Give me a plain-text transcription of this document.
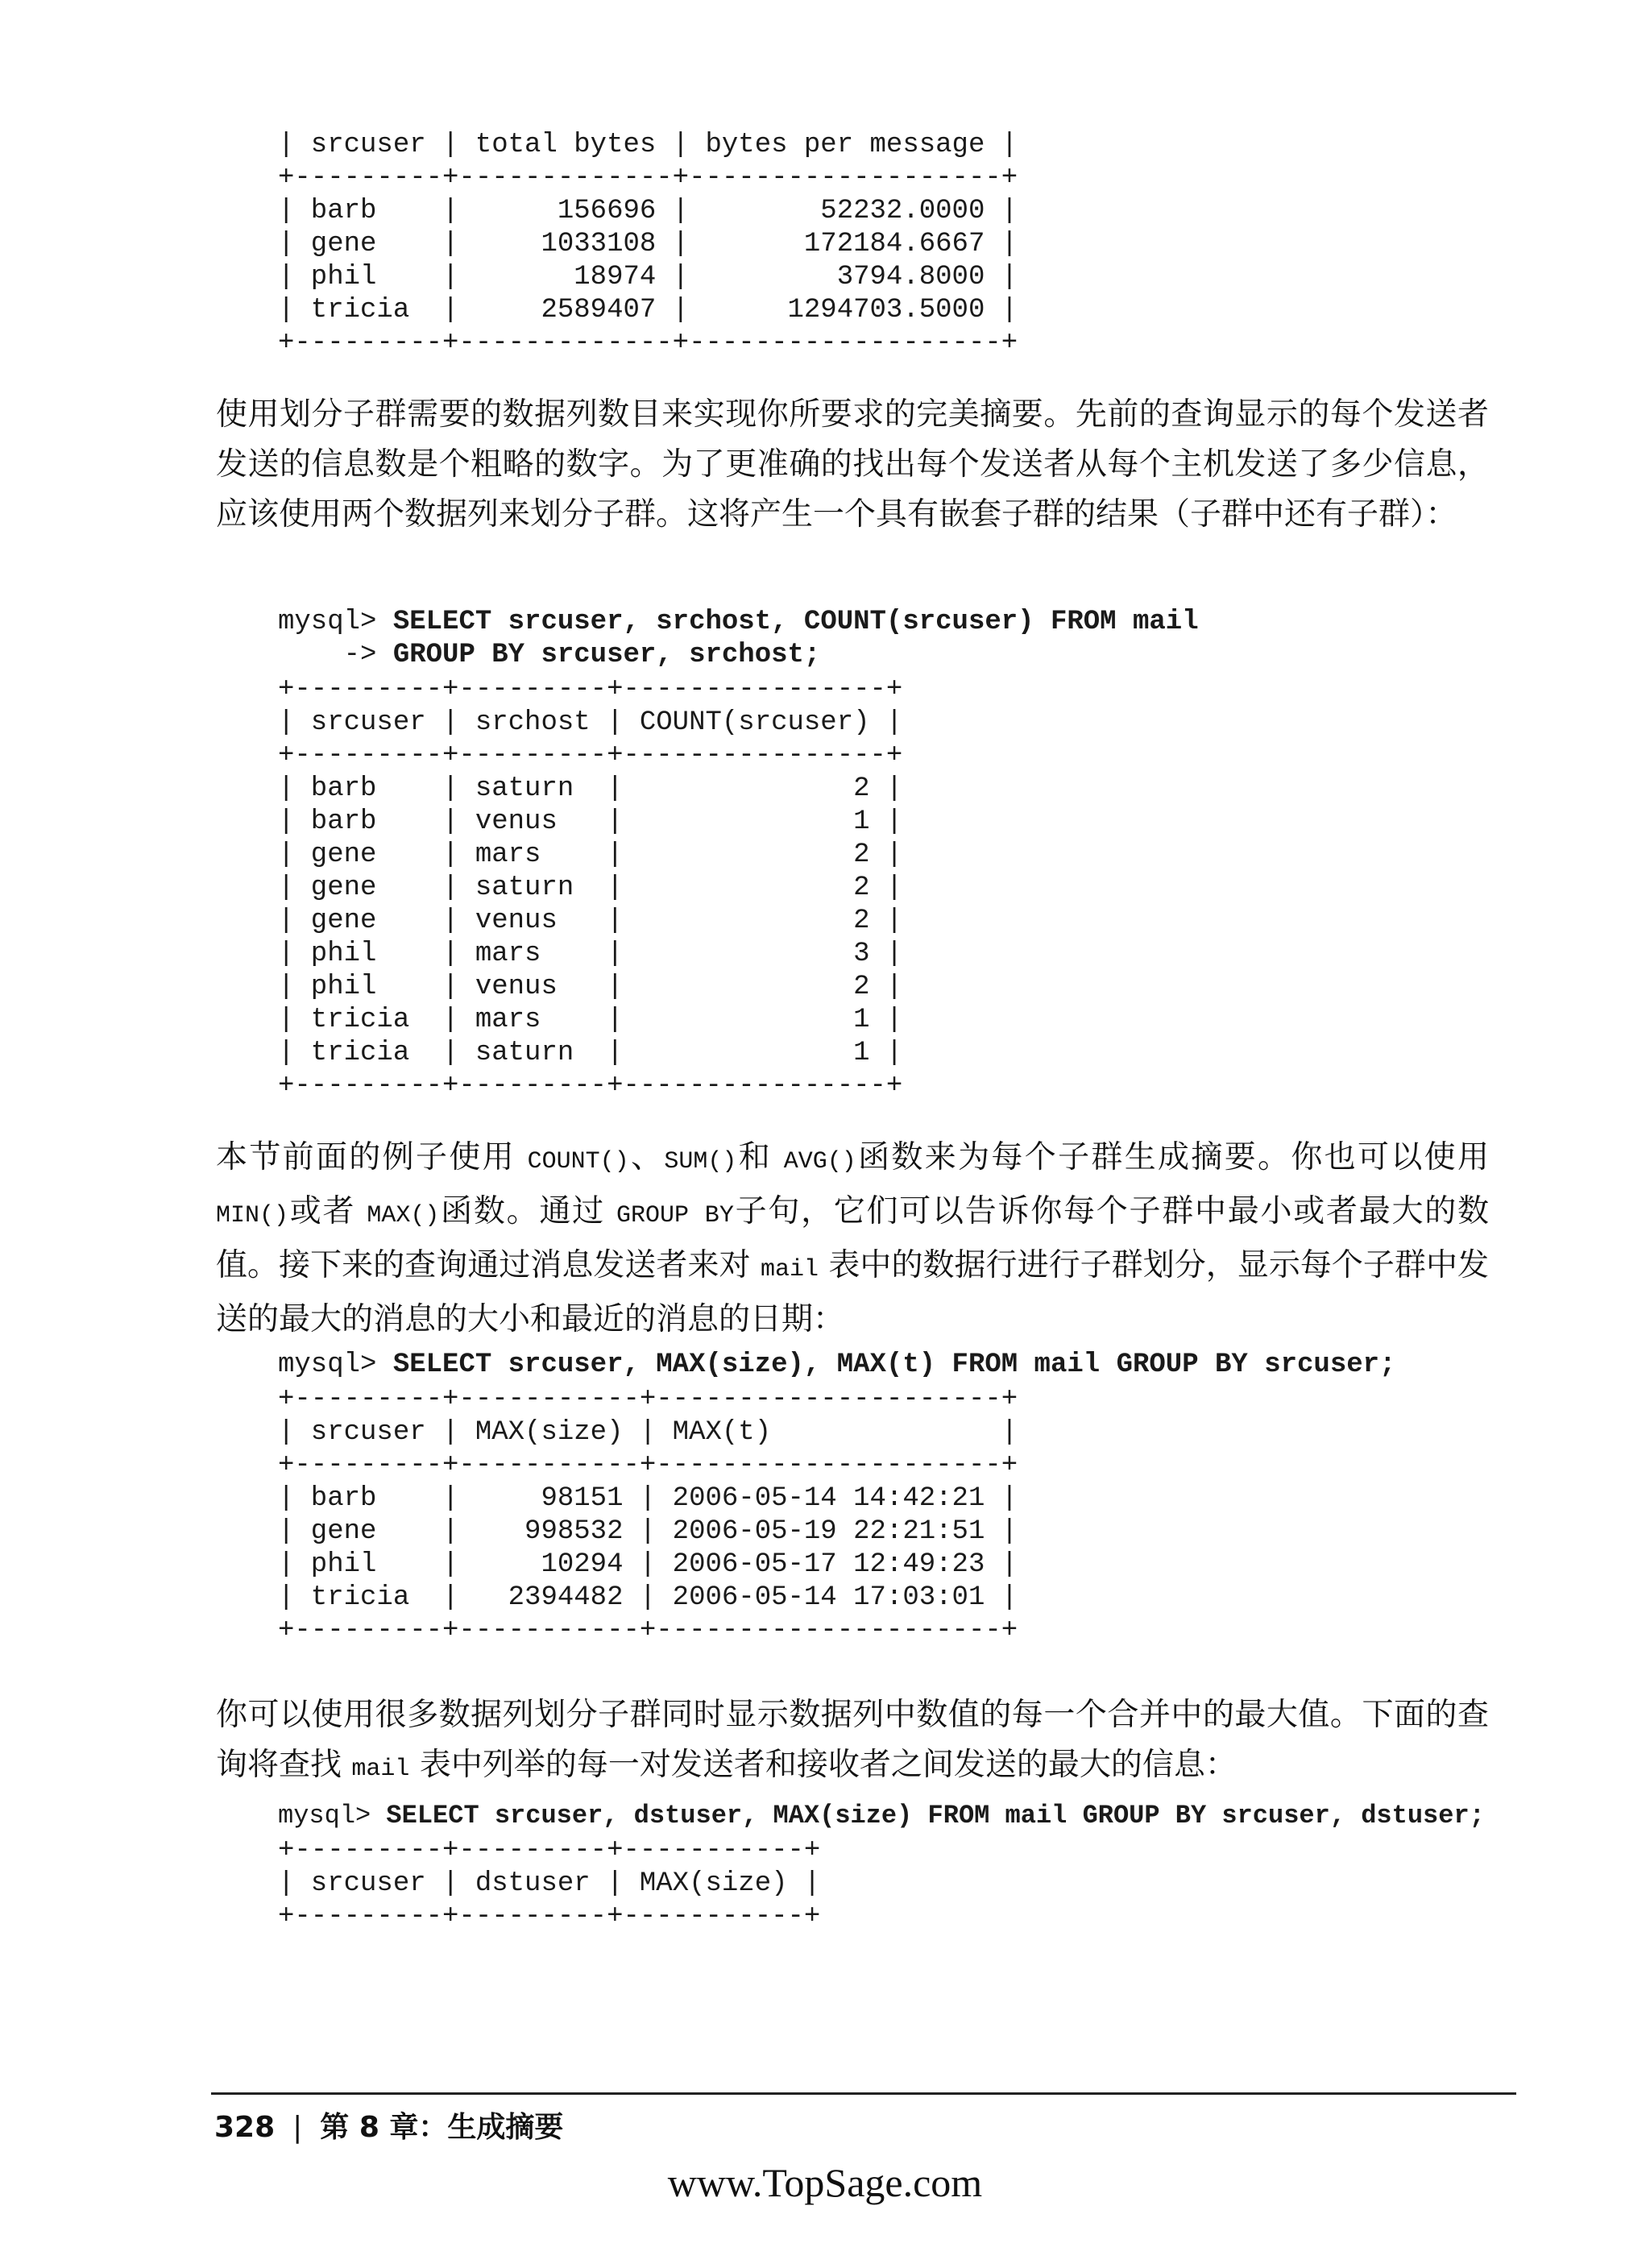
| srcuser | total bytes | bytes per message |
+---------+-------------+-------------------+
| barb    |      156696 |        52232.0000 |
| gene    |     1033108 |       172184.6667 |
| phil    |       18974 |         3794.8000 |
| tricia  |     2589407 |      1294703.5000 |
+---------+-------------+-------------------+

使用划分子群需要的数据列数目来实现你所要求的完美摘要。先前的查询显示的每个发送者发送的信息数是个粗略的数字。为了更准确的找出每个发送者从每个主机发送了多少信息，应该使用两个数据列来划分子群。这将产生一个具有嵌套子群的结果（子群中还有子群）：

mysql> SELECT srcuser, srchost, COUNT(srcuser) FROM mail
-> GROUP BY srcuser, srchost;
+---------+---------+----------------+
| srcuser | srchost | COUNT(srcuser) |
+---------+---------+----------------+
| barb    | saturn  |              2 |
| barb    | venus   |              1 |
| gene    | mars    |              2 |
| gene    | saturn  |              2 |
| gene    | venus   |              2 |
| phil    | mars    |              3 |
| phil    | venus   |              2 |
| tricia  | mars    |              1 |
| tricia  | saturn  |              1 |
+---------+---------+----------------+

本节前面的例子使用 COUNT()、SUM()和 AVG()函数来为每个子群生成摘要。你也可以使用 MIN()或者 MAX()函数。通过 GROUP BY子句，它们可以告诉你每个子群中最小或者最大的数值。接下来的查询通过消息发送者来对 mail 表中的数据行进行子群划分，显示每个子群中发送的最大的消息的大小和最近的消息的日期：

mysql> SELECT srcuser, MAX(size), MAX(t) FROM mail GROUP BY srcuser;
+---------+-----------+---------------------+
| srcuser | MAX(size) | MAX(t)              |
+---------+-----------+---------------------+
| barb    |     98151 | 2006-05-14 14:42:21 |
| gene    |    998532 | 2006-05-19 22:21:51 |
| phil    |     10294 | 2006-05-17 12:49:23 |
| tricia  |   2394482 | 2006-05-14 17:03:01 |
+---------+-----------+---------------------+

你可以使用很多数据列划分子群同时显示数据列中数值的每一个合并中的最大值。下面的查询将查找 mail 表中列举的每一对发送者和接收者之间发送的最大的信息：

mysql> SELECT srcuser, dstuser, MAX(size) FROM mail GROUP BY srcuser, dstuser;
+---------+---------+-----------+
| srcuser | dstuser | MAX(size) |
+---------+---------+-----------+
328 | 第 8 章：生成摘要
www.TopSage.com
